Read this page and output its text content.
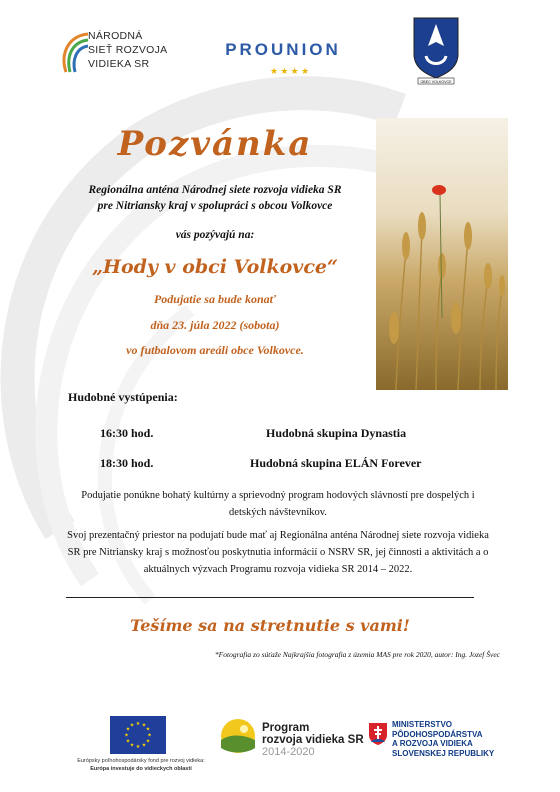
NÁRODNÁ
SIEŤ ROZVOJA
VIDIEKA SR
PROUNION
★ ★ ★ ★
OBEC VOLKOVCE
Pozvánka
Regionálna anténa Národnej siete rozvoja vidieka SR
pre Nitriansky kraj v spolupráci s obcou Volkovce
vás pozývajú na:
„Hody v obci Volkovce“
Podujatie sa bude konať
dňa 23. júla 2022 (sobota)
vo futbalovom areáli obce Volkovce.
Hudobné vystúpenia:
16:30 hod.	Hudobná skupina Dynastia
18:30 hod.	Hudobná skupina ELÁN Forever
Podujatie ponúkne bohatý kultúrny a sprievodný program hodových slávností pre dospelých i detských návštevníkov.
Svoj prezentačný priestor na podujatí bude mať aj Regionálna anténa Národnej siete rozvoja vidieka SR pre Nitriansky kraj s možnosťou poskytnutia informácií o NSRV SR, jej činnosti a aktivitách a o aktuálnych výzvach Programu rozvoja vidieka SR 2014 – 2022.
Tešíme sa na stretnutie s vami!
*Fotografia zo súťaže Najkrajšia fotografia z územia MAS pre rok 2020, autor: Ing. Jozef Švec
★ ★
★
★
★
★
★
★
★
★
★
★
Európsky poľnohospodársky fond pre rozvoj vidieka:
Európa investuje do vidieckych oblastí
Program
rozvoja vidieka SR
2014-2020
MINISTERSTVO
PÔDOHOSPODÁRSTVA
A ROZVOJA VIDIEKA
SLOVENSKEJ REPUBLIKY
